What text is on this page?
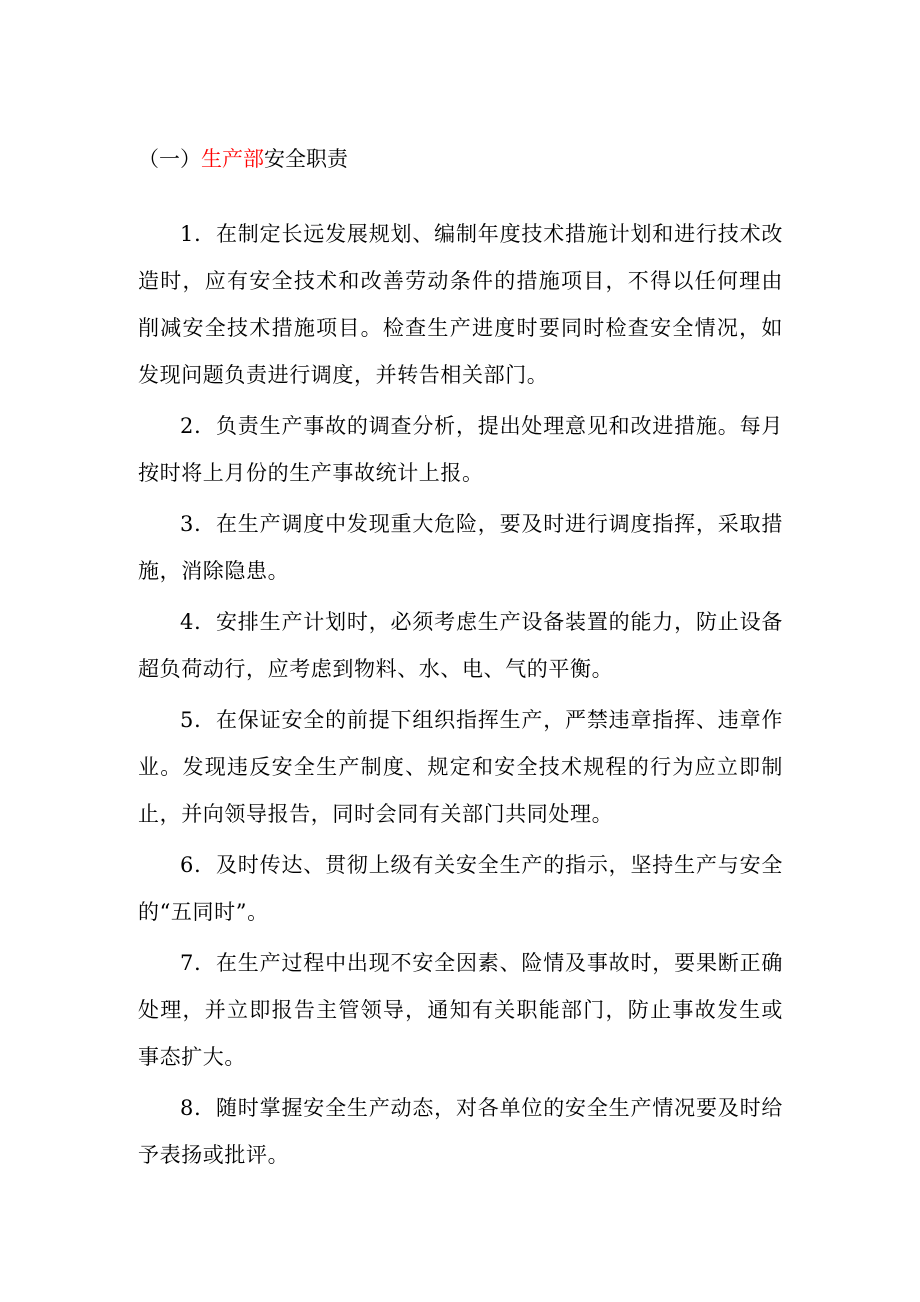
（一）生产部安全职责

1．在制定长远发展规划、编制年度技术措施计划和进行技术改造时，应有安全技术和改善劳动条件的措施项目，不得以任何理由削减安全技术措施项目。检查生产进度时要同时检查安全情况，如发现问题负责进行调度，并转告相关部门。

2．负责生产事故的调查分析，提出处理意见和改进措施。每月按时将上月份的生产事故统计上报。

3．在生产调度中发现重大危险，要及时进行调度指挥，采取措施，消除隐患。

4．安排生产计划时，必须考虑生产设备装置的能力，防止设备超负荷动行，应考虑到物料、水、电、气的平衡。

5．在保证安全的前提下组织指挥生产，严禁违章指挥、违章作业。发现违反安全生产制度、规定和安全技术规程的行为应立即制止，并向领导报告，同时会同有关部门共同处理。

6．及时传达、贯彻上级有关安全生产的指示，坚持生产与安全的“五同时”。

7．在生产过程中出现不安全因素、险情及事故时，要果断正确处理，并立即报告主管领导，通知有关职能部门，防止事故发生或事态扩大。

8．随时掌握安全生产动态，对各单位的安全生产情况要及时给予表扬或批评。
